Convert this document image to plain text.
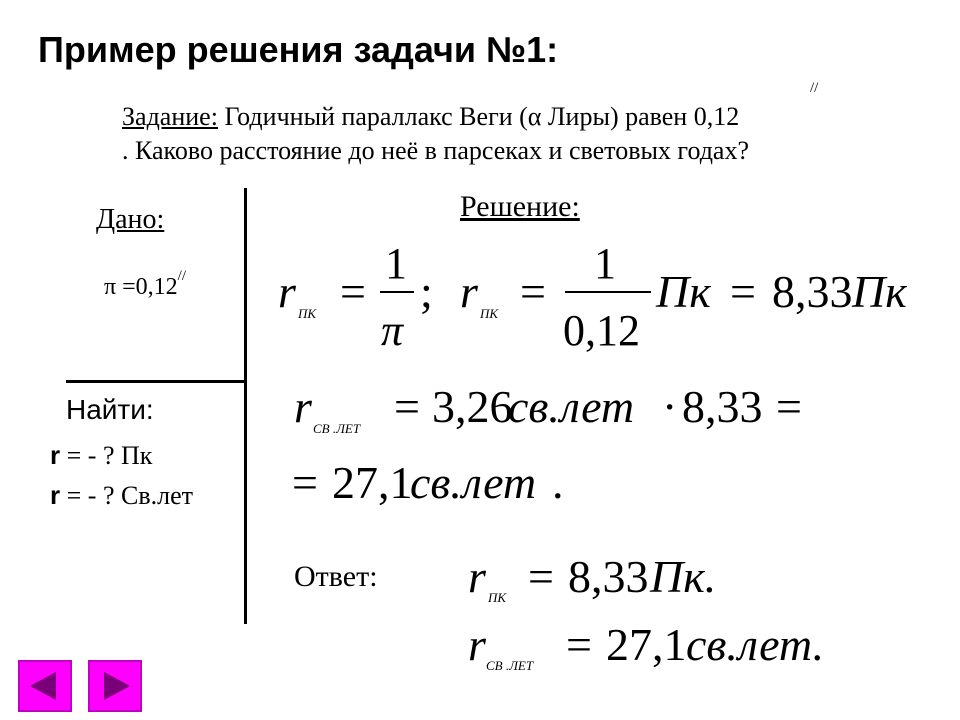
Пример решения задачи №1:
//
Задание: Годичный параллакс Веги (α Лиры) равен 0,12
. Каково расстояние до неё в парсеках и световых годах?
Дано:
π =0,12//
Решение:
Найти:
r = - ? Пк
r = - ? Св.лет
r ПК =
1
π
; r ПК =
1
0,12
Пк = 8,33 Пк
r СВ .ЛЕТ = 3,26
св.лет · 8,33 =
= 27,1
св.лет .
r ПК = 8,33 Пк.
r СВ .ЛЕТ = 27,1 св.лет.
Ответ:
